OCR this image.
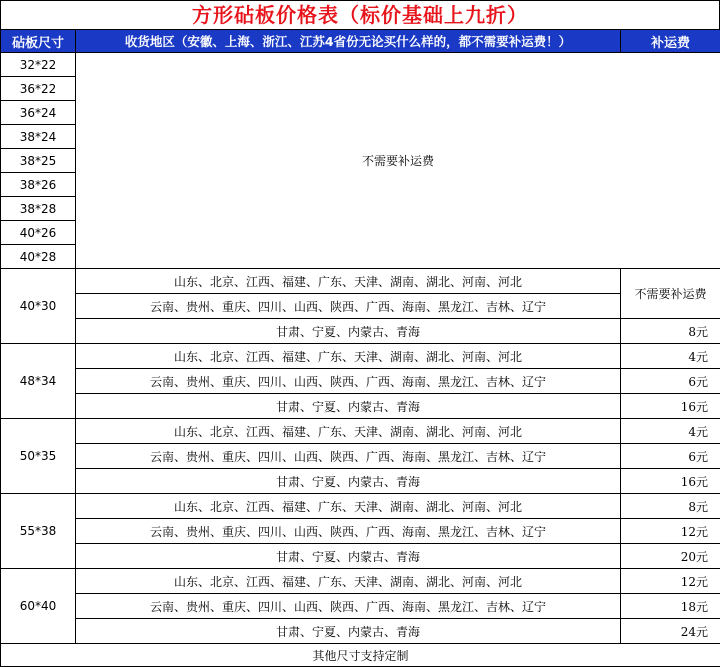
方形砧板价格表（标价基础上九折）
砧板尺寸	收货地区（安徽、上海、浙江、江苏4省份无论买什么样的，都不需要补运费！）	补运费
32*22	不需要补运费	
36*22		
36*24		
38*24		
38*25		
38*26		
38*28		
40*26		
40*28		
40*30	山东、北京、江西、福建、广东、天津、湖南、湖北、河南、河北	不需要补运费
	云南、贵州、重庆、四川、山西、陕西、广西、海南、黑龙江、吉林、辽宁	
	甘肃、宁夏、内蒙古、青海	8元
48*34	山东、北京、江西、福建、广东、天津、湖南、湖北、河南、河北	4元
	云南、贵州、重庆、四川、山西、陕西、广西、海南、黑龙江、吉林、辽宁	6元
	甘肃、宁夏、内蒙古、青海	16元
50*35	山东、北京、江西、福建、广东、天津、湖南、湖北、河南、河北	4元
	云南、贵州、重庆、四川、山西、陕西、广西、海南、黑龙江、吉林、辽宁	6元
	甘肃、宁夏、内蒙古、青海	16元
55*38	山东、北京、江西、福建、广东、天津、湖南、湖北、河南、河北	8元
	云南、贵州、重庆、四川、山西、陕西、广西、海南、黑龙江、吉林、辽宁	12元
	甘肃、宁夏、内蒙古、青海	20元
60*40	山东、北京、江西、福建、广东、天津、湖南、湖北、河南、河北	12元
	云南、贵州、重庆、四川、山西、陕西、广西、海南、黑龙江、吉林、辽宁	18元
	甘肃、宁夏、内蒙古、青海	24元
其他尺寸支持定制		
